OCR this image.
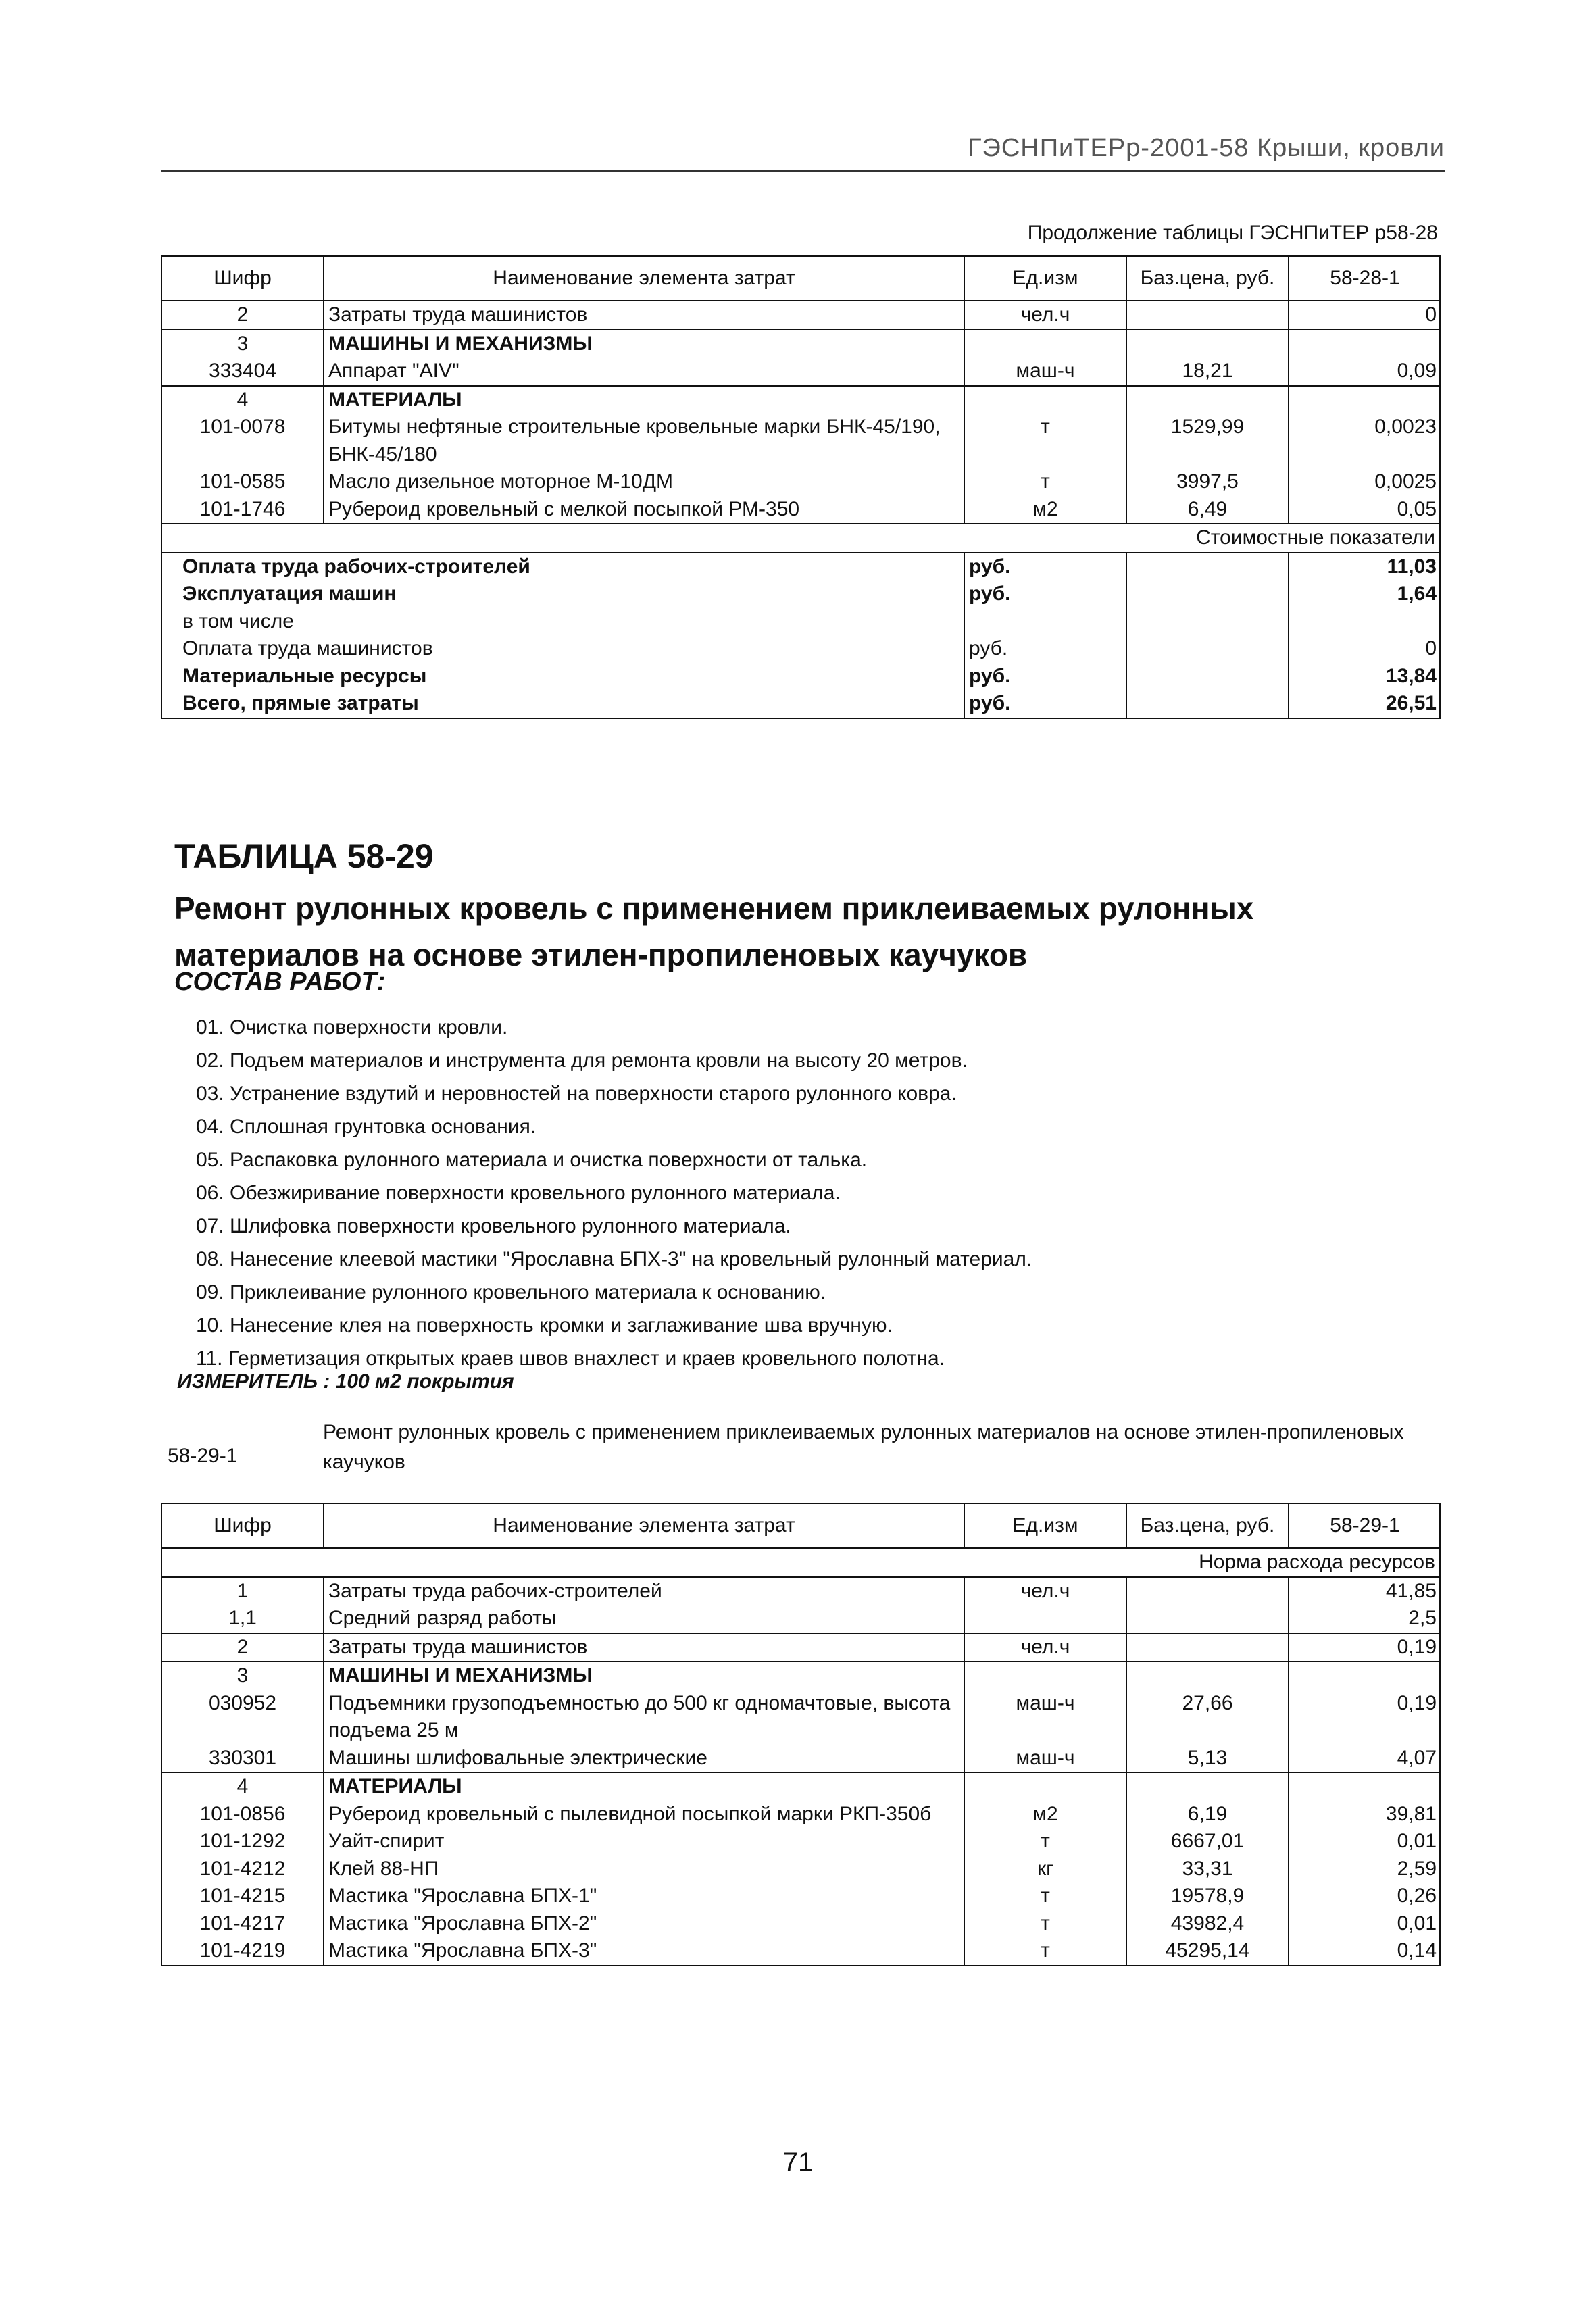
ГЭСНПиТЕРр-2001-58 Крыши, кровли
Продолжение таблицы ГЭСНПиТЕР р58-28
Шифр	Наименование элемента затрат	Ед.изм	Баз.цена, руб.	58-28-1
2	Затраты труда машинистов	чел.ч		0
3	МАШИНЫ И МЕХАНИЗМЫ			
333404	Аппарат "AIV"	маш-ч	18,21	0,09
4	МАТЕРИАЛЫ			
101-0078	Битумы нефтяные строительные кровельные марки БНК-45/190, БНК-45/180	т	1529,99	0,0023
101-0585	Масло дизельное моторное М-10ДМ	т	3997,5	0,0025
101-1746	Рубероид кровельный с мелкой посыпкой РМ-350	м2	6,49	0,05
Стоимостные показатели				
Оплата труда рабочих-строителей		руб.		11,03
Эксплуатация машин		руб.		1,64
в том числе				
Оплата труда машинистов		руб.		0
Материальные ресурсы		руб.		13,84
Всего, прямые затраты		руб.		26,51
ТАБЛИЦА 58-29
Ремонт рулонных кровель с применением приклеиваемых рулонных материалов на основе этилен-пропиленовых каучуков
СОСТАВ РАБОТ:
01. Очистка поверхности кровли.
02. Подъем материалов и инструмента для ремонта кровли на высоту 20 метров.
03. Устранение вздутий и неровностей на поверхности старого рулонного ковра.
04. Сплошная грунтовка основания.
05. Распаковка рулонного материала и очистка поверхности от талька.
06. Обезжиривание поверхности кровельного рулонного материала.
07. Шлифовка поверхности кровельного рулонного материала.
08. Нанесение клеевой мастики "Ярославна БПХ-3" на кровельный рулонный материал.
09. Приклеивание рулонного кровельного материала к основанию.
10. Нанесение клея на поверхность кромки и заглаживание шва вручную.
11. Герметизация открытых краев швов внахлест и краев кровельного полотна.
ИЗМЕРИТЕЛЬ : 100 м2 покрытия
58-29-1
Ремонт рулонных кровель с применением приклеиваемых рулонных материалов на основе этилен-пропиленовых каучуков
Шифр	Наименование элемента затрат	Ед.изм	Баз.цена, руб.	58-29-1
Норма расхода ресурсов				
1	Затраты труда рабочих-строителей	чел.ч		41,85
1,1	Средний разряд работы			2,5
2	Затраты труда машинистов	чел.ч		0,19
3	МАШИНЫ И МЕХАНИЗМЫ			
030952	Подъемники грузоподъемностью до 500 кг одномачтовые, высота подъема 25 м	маш-ч	27,66	0,19
330301	Машины шлифовальные электрические	маш-ч	5,13	4,07
4	МАТЕРИАЛЫ			
101-0856	Рубероид кровельный с пылевидной посыпкой марки РКП-350б	м2	6,19	39,81
101-1292	Уайт-спирит	т	6667,01	0,01
101-4212	Клей 88-НП	кг	33,31	2,59
101-4215	Мастика "Ярославна БПХ-1"	т	19578,9	0,26
101-4217	Мастика "Ярославна БПХ-2"	т	43982,4	0,01
101-4219	Мастика "Ярославна БПХ-3"	т	45295,14	0,14
71
